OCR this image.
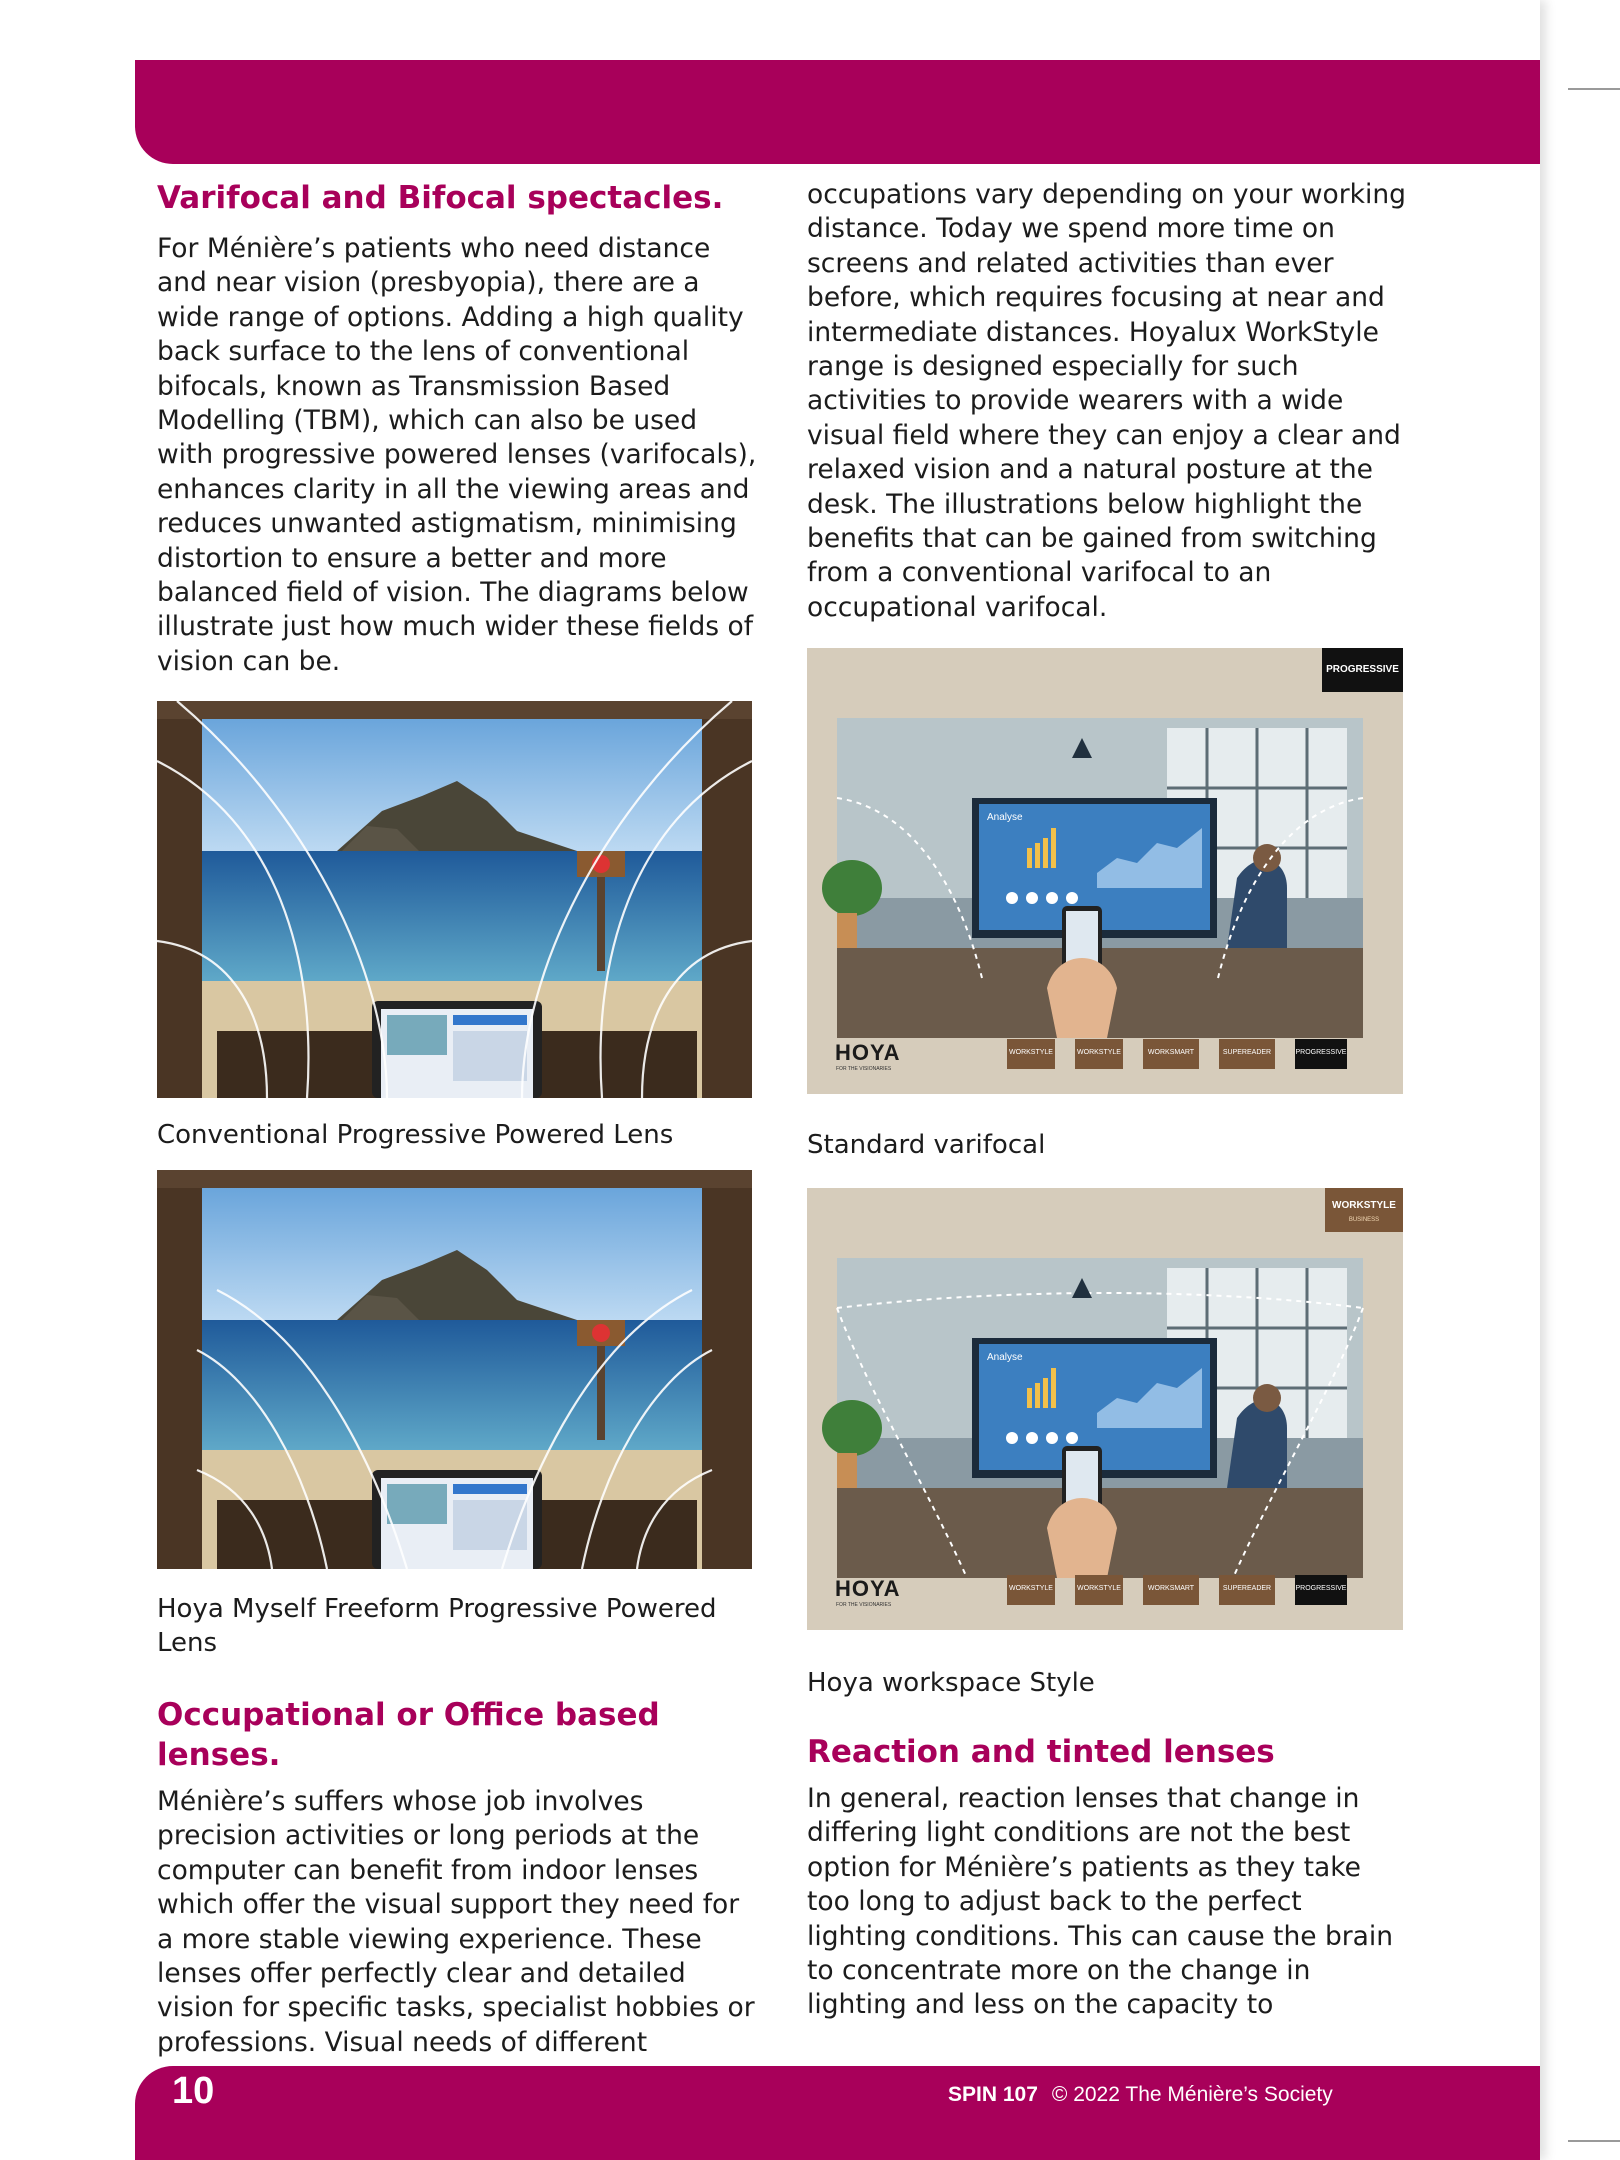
Varifocal and Bifocal spectacles.

For Ménière’s patients who need distance and near vision (presbyopia), there are a wide range of options. Adding a high quality back surface to the lens of conventional bifocals, known as Transmission Based Modelling (TBM), which can also be used with progressive powered lenses (varifocals), enhances clarity in all the viewing areas and reduces unwanted astigmatism, minimising distortion to ensure a better and more balanced field of vision. The diagrams below illustrate just how much wider these fields of vision can be.

Conventional Progressive Powered Lens

Hoya Myself Freeform Progressive Powered Lens

Occupational or Office based lenses.

Ménière’s suffers whose job involves precision activities or long periods at the computer can benefit from indoor lenses which offer the visual support they need for a more stable viewing experience. These lenses offer perfectly clear and detailed vision for specific tasks, specialist hobbies or professions. Visual needs of different

occupations vary depending on your working distance. Today we spend more time on screens and related activities than ever before, which requires focusing at near and intermediate distances. Hoyalux WorkStyle range is designed especially for such activities to provide wearers with a wide visual field where they can enjoy a clear and relaxed vision and a natural posture at the desk. The illustrations below highlight the benefits that can be gained from switching from a conventional varifocal to an occupational varifocal.

PROGRESSIVE
HOYA
FOR THE VISIONARIES
WORKSTYLE	WORKSTYLE	WORKSMART	SUPEREADER	PROGRESSIVE
Analyse

Standard varifocal

WORKSTYLE
BUSINESS
HOYA
FOR THE VISIONARIES
WORKSTYLE	WORKSTYLE	WORKSMART	SUPEREADER	PROGRESSIVE
Analyse

Hoya workspace Style

Reaction and tinted lenses

In general, reaction lenses that change in differing light conditions are not the best option for Ménière’s patients as they take too long to adjust back to the perfect lighting conditions. This can cause the brain to concentrate more on the change in lighting and less on the capacity to

10	SPIN 107 © 2022 The Ménière’s Society
